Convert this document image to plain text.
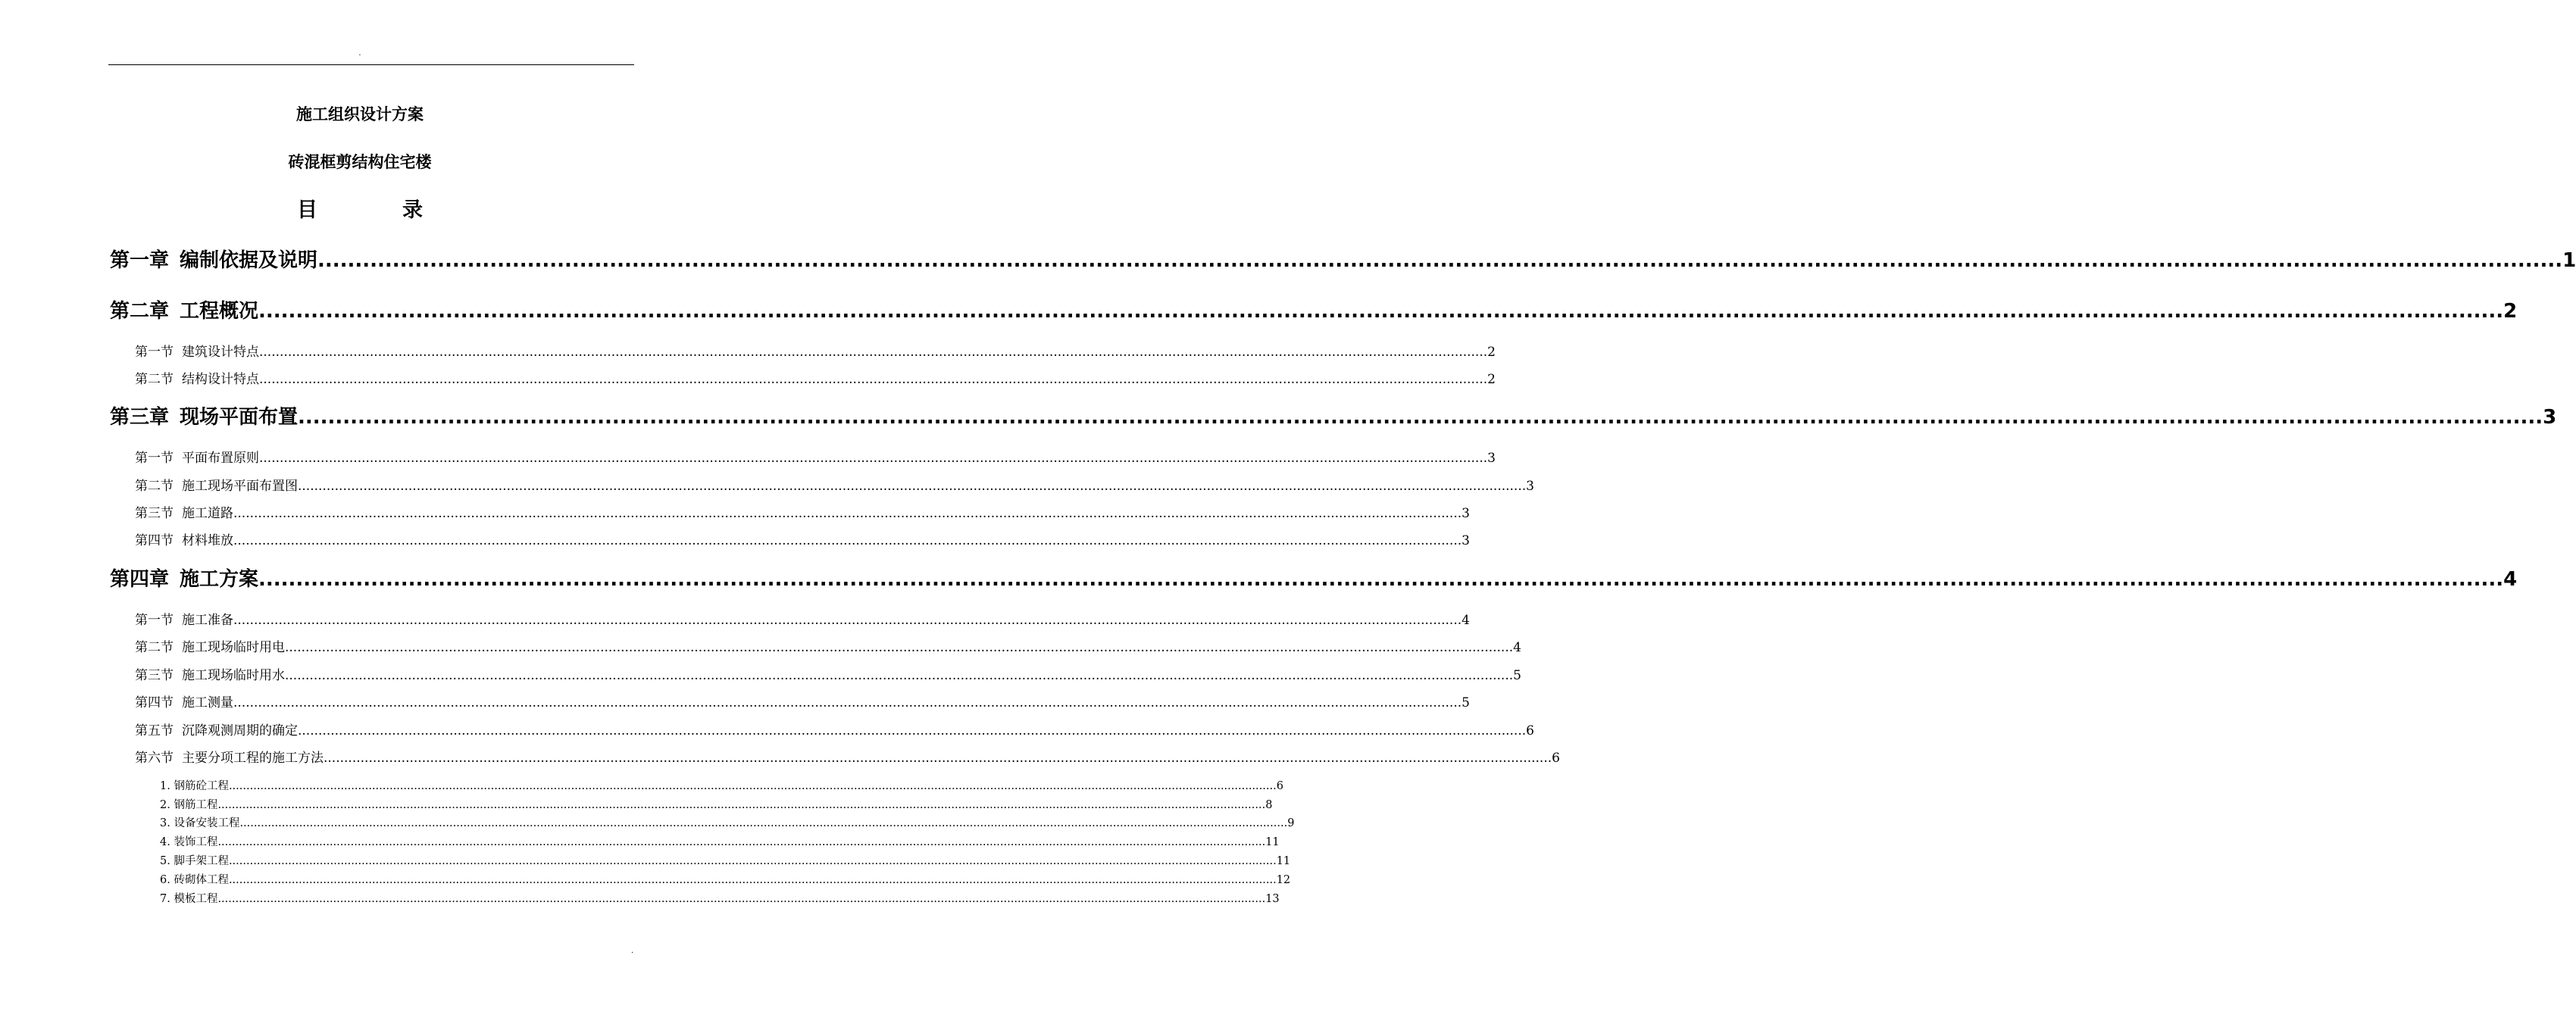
.
施工组织设计方案
砖混框剪结构住宅楼
目	录
第一章 编制依据及说明 ............................................................................................................................................................................................................................................................................................................ 1
第二章 工程概况 ............................................................................................................................................................................................................................................................................................................ 2
第一节 建筑设计特点 ............................................................................................................................................................................................................................................................................................................ 2
第二节 结构设计特点 ............................................................................................................................................................................................................................................................................................................ 2
第三章 现场平面布置 ............................................................................................................................................................................................................................................................................................................ 3
第一节 平面布置原则 ............................................................................................................................................................................................................................................................................................................ 3
第二节 施工现场平面布置图 ............................................................................................................................................................................................................................................................................................................ 3
第三节 施工道路 ............................................................................................................................................................................................................................................................................................................ 3
第四节 材料堆放 ............................................................................................................................................................................................................................................................................................................ 3
第四章 施工方案 ............................................................................................................................................................................................................................................................................................................ 4
第一节 施工准备 ............................................................................................................................................................................................................................................................................................................ 4
第二节 施工现场临时用电 ............................................................................................................................................................................................................................................................................................................ 4
第三节 施工现场临时用水 ............................................................................................................................................................................................................................................................................................................ 5
第四节 施工测量 ............................................................................................................................................................................................................................................................................................................ 5
第五节 沉降观测周期的确定 ............................................................................................................................................................................................................................................................................................................ 6
第六节 主要分项工程的施工方法 ............................................................................................................................................................................................................................................................................................................ 6
1. 钢筋砼工程 ............................................................................................................................................................................................................................................................................................................ 6
2. 钢筋工程 ............................................................................................................................................................................................................................................................................................................ 8
3. 设备安装工程 ............................................................................................................................................................................................................................................................................................................ 9
4. 装饰工程 ............................................................................................................................................................................................................................................................................................................ 11
5. 脚手架工程 ............................................................................................................................................................................................................................................................................................................ 11
6. 砖砌体工程 ............................................................................................................................................................................................................................................................................................................ 12
7. 模板工程 ............................................................................................................................................................................................................................................................................................................ 13
.
